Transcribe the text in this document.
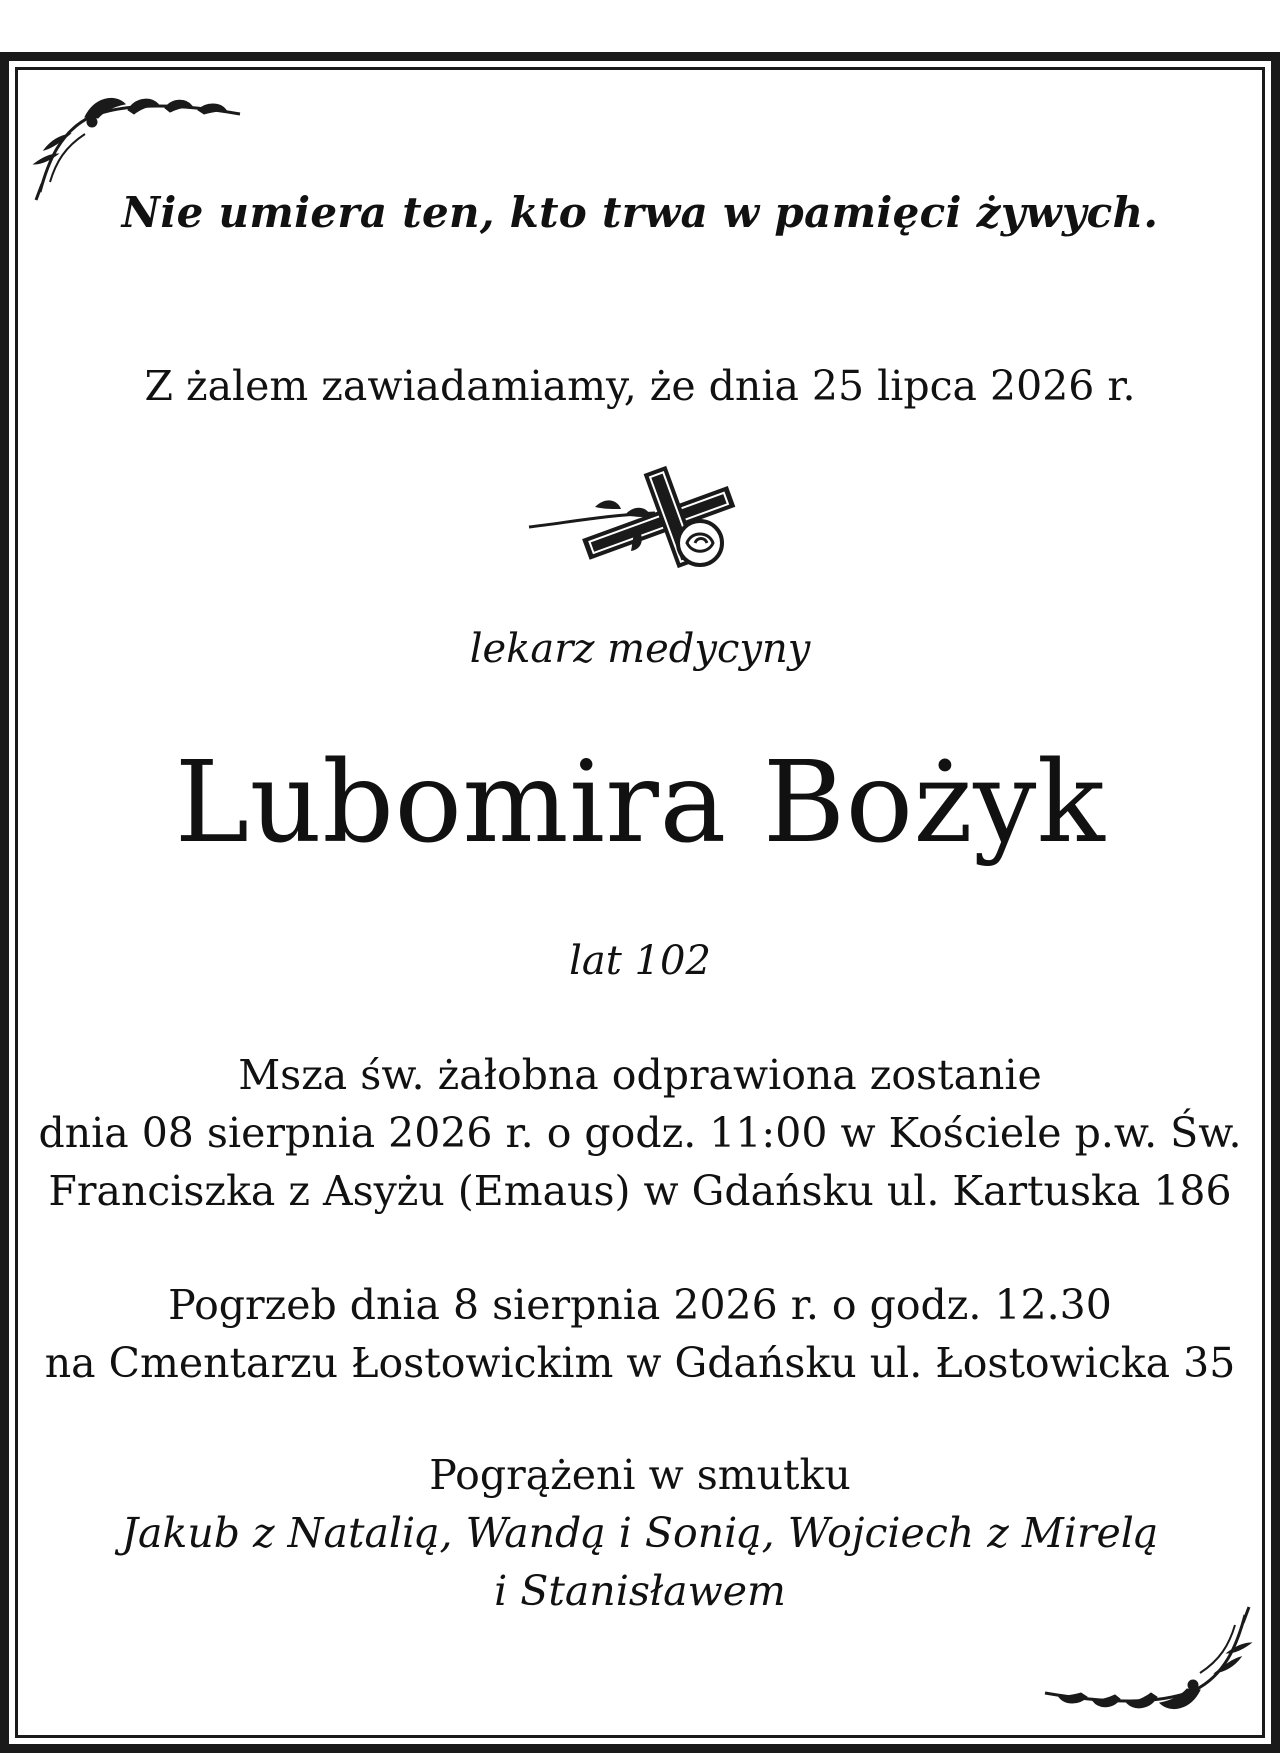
Nie umiera ten, kto trwa w pamięci żywych.
Z żalem zawiadamiamy, że dnia 25 lipca 2026 r.
lekarz medycyny
Lubomira Bożyk
lat 102
Msza św. żałobna odprawiona zostanie
dnia 08 sierpnia 2026 r. o godz. 11:00 w Kościele p.w. Św.
Franciszka z Asyżu (Emaus) w Gdańsku ul. Kartuska 186
Pogrzeb dnia 8 sierpnia 2026 r. o godz. 12.30
na Cmentarzu Łostowickim w Gdańsku ul. Łostowicka 35
Pogrążeni w smutku
Jakub z Natalią, Wandą i Sonią, Wojciech z Mirelą
i Stanisławem
